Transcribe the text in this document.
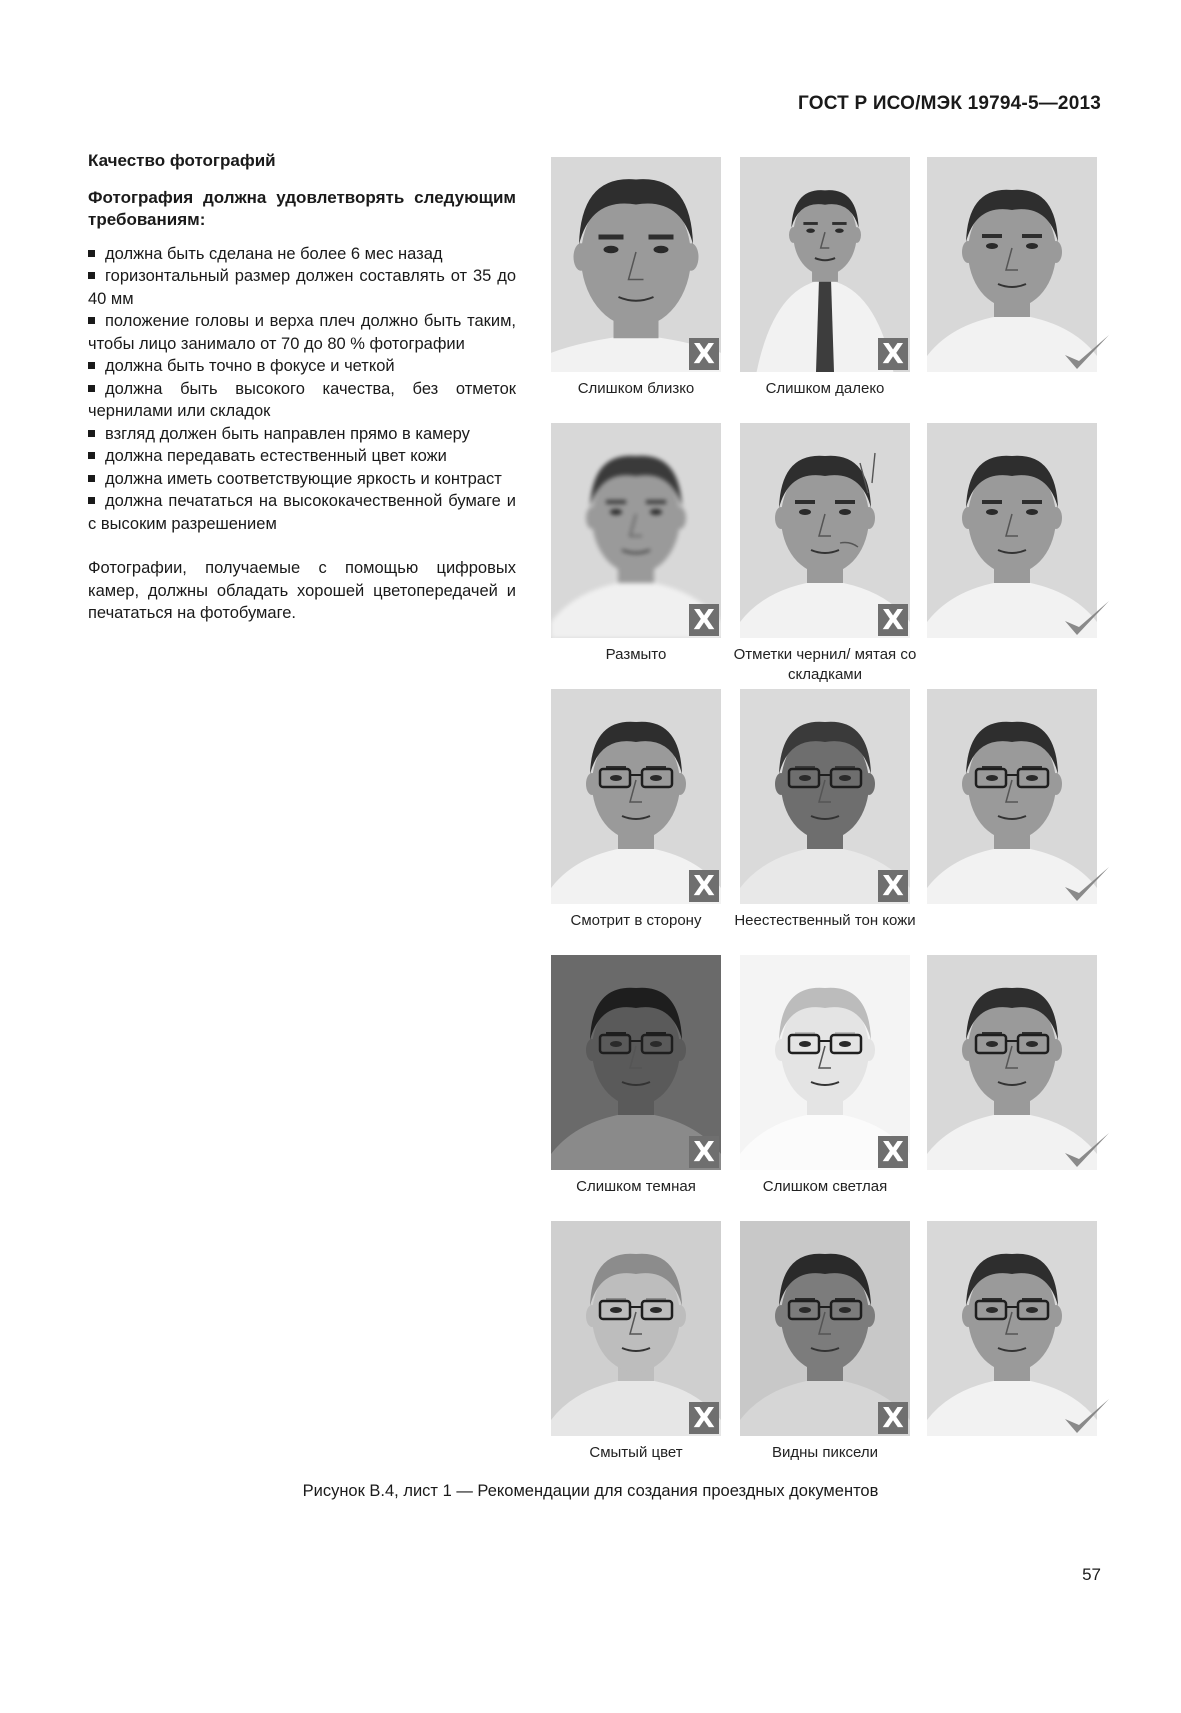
ГОСТ Р ИСО/МЭК 19794-5—2013
Качество фотографий
Фотография должна удовлетворять следующим требованиям:
должна быть сделана не более 6 мес назад
горизонтальный размер должен составлять от 35 до 40 мм
положение головы и верха плеч должно быть таким, чтобы лицо занимало от 70 до 80 % фотографии
должна быть точно в фокусе и четкой
должна быть высокого качества, без отметок чернилами или складок
взгляд должен быть направлен прямо в камеру
должна передавать естественный цвет кожи
должна иметь соответствующие яркость и контраст
должна печататься на высококачественной бумаге и с высоким разрешением
Фотографии, получаемые с помощью цифровых камер, должны обладать хорошей цветопередачей и печататься на фотобумаге.
X
Слишком близко
X
Слишком далеко
X
Размыто
X
Отметки чернил/ мятая со складками
X
Смотрит в сторону
X
Неестественный тон кожи
X
Слишком темная
X
Слишком светлая
X
Смытый цвет
X
Видны пиксели
Рисунок В.4, лист 1 — Рекомендации для создания проездных документов
57
